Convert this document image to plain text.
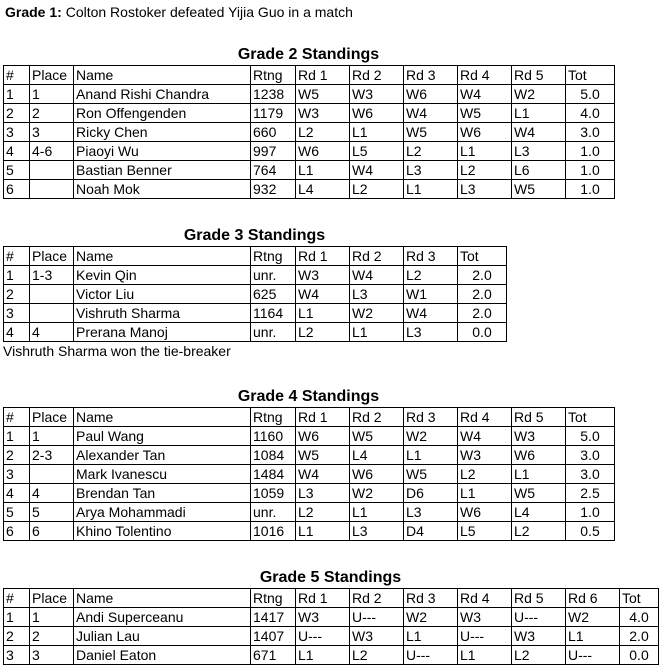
Grade 1: Colton Rostoker defeated Yijia Guo in a match
Grade 2 Standings
#	Place	Name	Rtng	Rd 1	Rd 2	Rd 3	Rd 4	Rd 5	Tot
1	1	Anand Rishi Chandra	1238	W5	W3	W6	W4	W2	5.0
2	2	Ron Offengenden	1179	W3	W6	W4	W5	L1	4.0
3	3	Ricky Chen	660	L2	L1	W5	W6	W4	3.0
4	4-6	Piaoyi Wu	997	W6	L5	L2	L1	L3	1.0
5		Bastian Benner	764	L1	W4	L3	L2	L6	1.0
6		Noah Mok	932	L4	L2	L1	L3	W5	1.0
Grade 3 Standings
#	Place	Name	Rtng	Rd 1	Rd 2	Rd 3	Tot
1	1-3	Kevin Qin	unr.	W3	W4	L2	2.0
2		Victor Liu	625	W4	L3	W1	2.0
3		Vishruth Sharma	1164	L1	W2	W4	2.0
4	4	Prerana Manoj	unr.	L2	L1	L3	0.0
Vishruth Sharma won the tie-breaker
Grade 4 Standings
#	Place	Name	Rtng	Rd 1	Rd 2	Rd 3	Rd 4	Rd 5	Tot
1	1	Paul Wang	1160	W6	W5	W2	W4	W3	5.0
2	2-3	Alexander Tan	1084	W5	L4	L1	W3	W6	3.0
3		Mark Ivanescu	1484	W4	W6	W5	L2	L1	3.0
4	4	Brendan Tan	1059	L3	W2	D6	L1	W5	2.5
5	5	Arya Mohammadi	unr.	L2	L1	L3	W6	L4	1.0
6	6	Khino Tolentino	1016	L1	L3	D4	L5	L2	0.5
Grade 5 Standings
#	Place	Name	Rtng	Rd 1	Rd 2	Rd 3	Rd 4	Rd 5	Rd 6	Tot
1	1	Andi Superceanu	1417	W3	U---	W2	W3	U---	W2	4.0
2	2	Julian Lau	1407	U---	W3	L1	U---	W3	L1	2.0
3	3	Daniel Eaton	671	L1	L2	U---	L1	L2	U---	0.0
